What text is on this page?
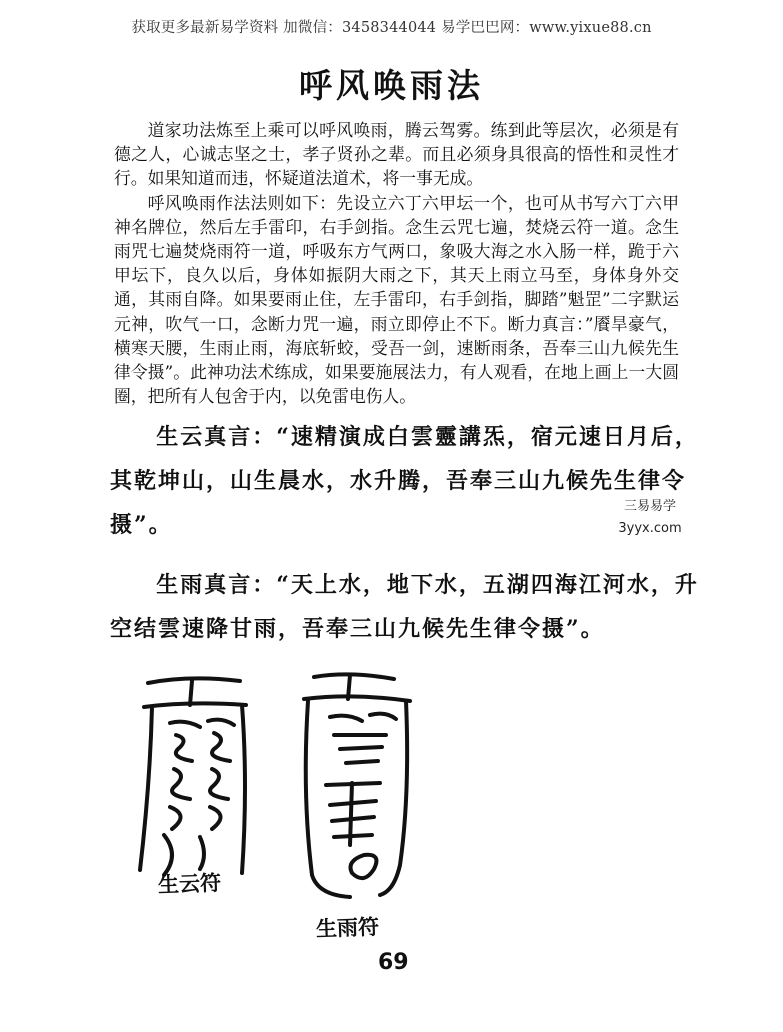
获取更多最新易学资料 加微信：3458344044 易学巴巴网：www.yixue88.cn
呼风唤雨法

道家功法炼至上乘可以呼风唤雨，腾云驾雾。练到此等层次，必须是有德之人，心诚志坚之士，孝子贤孙之辈。而且必须身具很高的悟性和灵性才行。如果知道而违，怀疑道法道术，将一事无成。

呼风唤雨作法法则如下：先设立六丁六甲坛一个，也可从书写六丁六甲神名牌位，然后左手雷印，右手剑指。念生云咒七遍，焚烧云符一道。念生雨咒七遍焚烧雨符一道，呼吸东方气两口，象吸大海之水入肠一样，跪于六甲坛下，良久以后，身体如振阴大雨之下，其天上雨立马至，身体身外交通，其雨自降。如果要雨止住，左手雷印，右手剑指，脚踏”魁罡”二字默运元神，吹气一口，念断力咒一遍，雨立即停止不下。断力真言：”餍旱豪气，横寒天腰，生雨止雨，海底斩蛟，受吾一剑，速断雨条，吾奉三山九候先生律令摄”。此神功法术练成，如果要施展法力，有人观看，在地上画上一大圆圈，把所有人包舍于内，以免雷电伤人。

生云真言：“速精演成白雲靈講炁，宿元速日月后，其乾坤山，山生晨水，水升腾，吾奉三山九候先生律令摄”。

生雨真言：“天上水，地下水，五湖四海江河水，升空结雲速降甘雨，吾奉三山九候先生律令摄”。

三易易学
3yyx.com
生云符
生雨符
69
